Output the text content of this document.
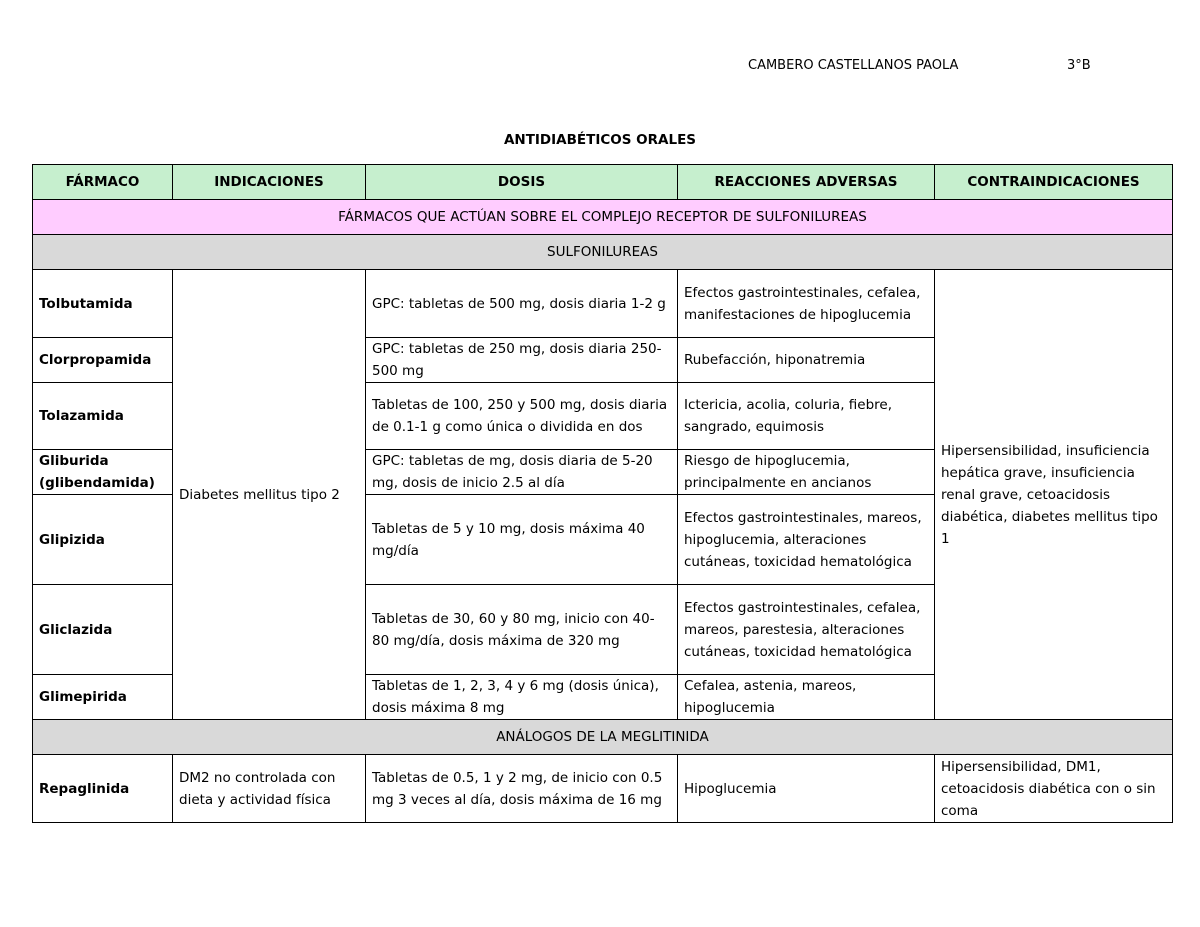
CAMBERO CASTELLANOS PAOLA	3°B
ANTIDIABÉTICOS ORALES
FÁRMACO	INDICACIONES	DOSIS	REACCIONES ADVERSAS	CONTRAINDICACIONES
FÁRMACOS QUE ACTÚAN SOBRE EL COMPLEJO RECEPTOR DE SULFONILUREAS				
SULFONILUREAS				
Tolbutamida	Diabetes mellitus tipo 2	GPC: tabletas de 500 mg, dosis diaria 1-2 g	Efectos gastrointestinales, cefalea, manifestaciones de hipoglucemia	Hipersensibilidad, insuficiencia hepática grave, insuficiencia renal grave, cetoacidosis diabética, diabetes mellitus tipo 1
Clorpropamida		GPC: tabletas de 250 mg, dosis diaria 250-500 mg	Rubefacción, hiponatremia	
Tolazamida		Tabletas de 100, 250 y 500 mg, dosis diaria de 0.1-1 g como única o dividida en dos	Ictericia, acolia, coluria, fiebre, sangrado, equimosis	
Gliburida (glibendamida)		GPC: tabletas de mg, dosis diaria de 5-20 mg, dosis de inicio 2.5 al día	Riesgo de hipoglucemia, principalmente en ancianos	
Glipizida		Tabletas de 5 y 10 mg, dosis máxima 40 mg/día	Efectos gastrointestinales, mareos, hipoglucemia, alteraciones cutáneas, toxicidad hematológica	
Gliclazida		Tabletas de 30, 60 y 80 mg, inicio con 40-80 mg/día, dosis máxima de 320 mg	Efectos gastrointestinales, cefalea, mareos, parestesia, alteraciones cutáneas, toxicidad hematológica	
Glimepirida		Tabletas de 1, 2, 3, 4 y 6 mg (dosis única), dosis máxima 8 mg	Cefalea, astenia, mareos, hipoglucemia	
ANÁLOGOS DE LA MEGLITINIDA				
Repaglinida	DM2 no controlada con dieta y actividad física	Tabletas de 0.5, 1 y 2 mg, de inicio con 0.5 mg 3 veces al día, dosis máxima de 16 mg	Hipoglucemia	Hipersensibilidad, DM1, cetoacidosis diabética con o sin coma
